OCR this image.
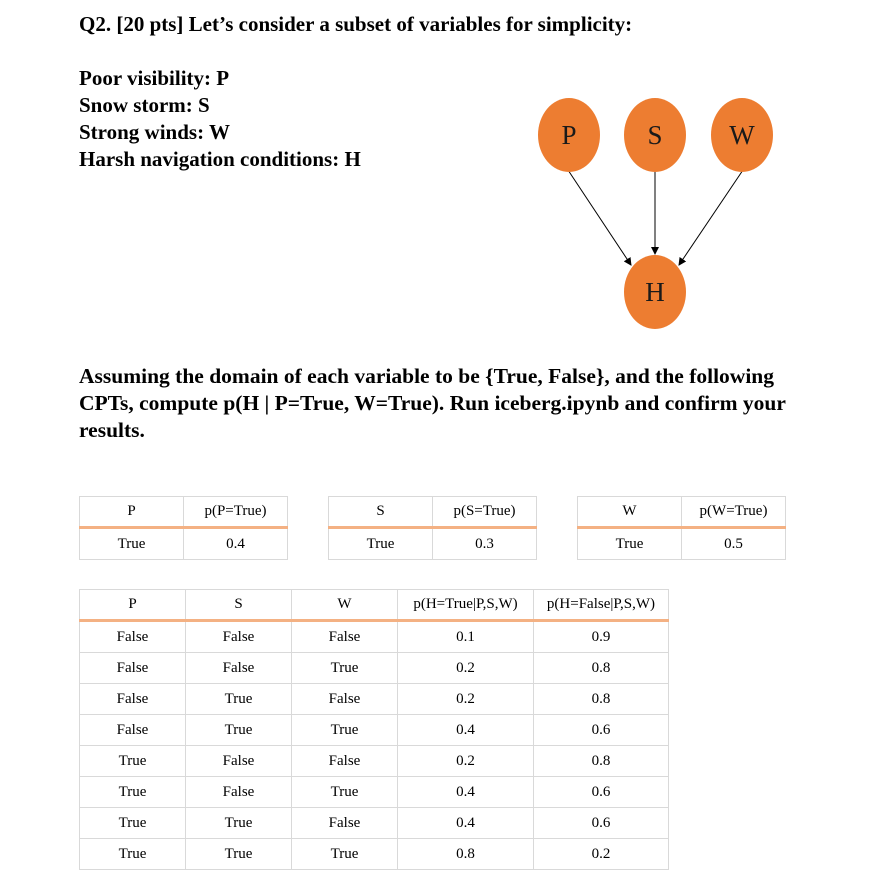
Q2. [20 pts] Let’s consider a subset of variables for simplicity:
Poor visibility: P
Snow storm: S
Strong winds: W
Harsh navigation conditions: H
P	S	W
H
Assuming the domain of each variable to be {True, False}, and the following
CPTs, compute p(H | P=True, W=True). Run iceberg.ipynb and confirm your
results.
P	p(P=True)
True	0.4
S	p(S=True)
True	0.3
W	p(W=True)
True	0.5
P	S	W	p(H=True|P,S,W)	p(H=False|P,S,W)
False	False	False	0.1	0.9
False	False	True	0.2	0.8
False	True	False	0.2	0.8
False	True	True	0.4	0.6
True	False	False	0.2	0.8
True	False	True	0.4	0.6
True	True	False	0.4	0.6
True	True	True	0.8	0.2
